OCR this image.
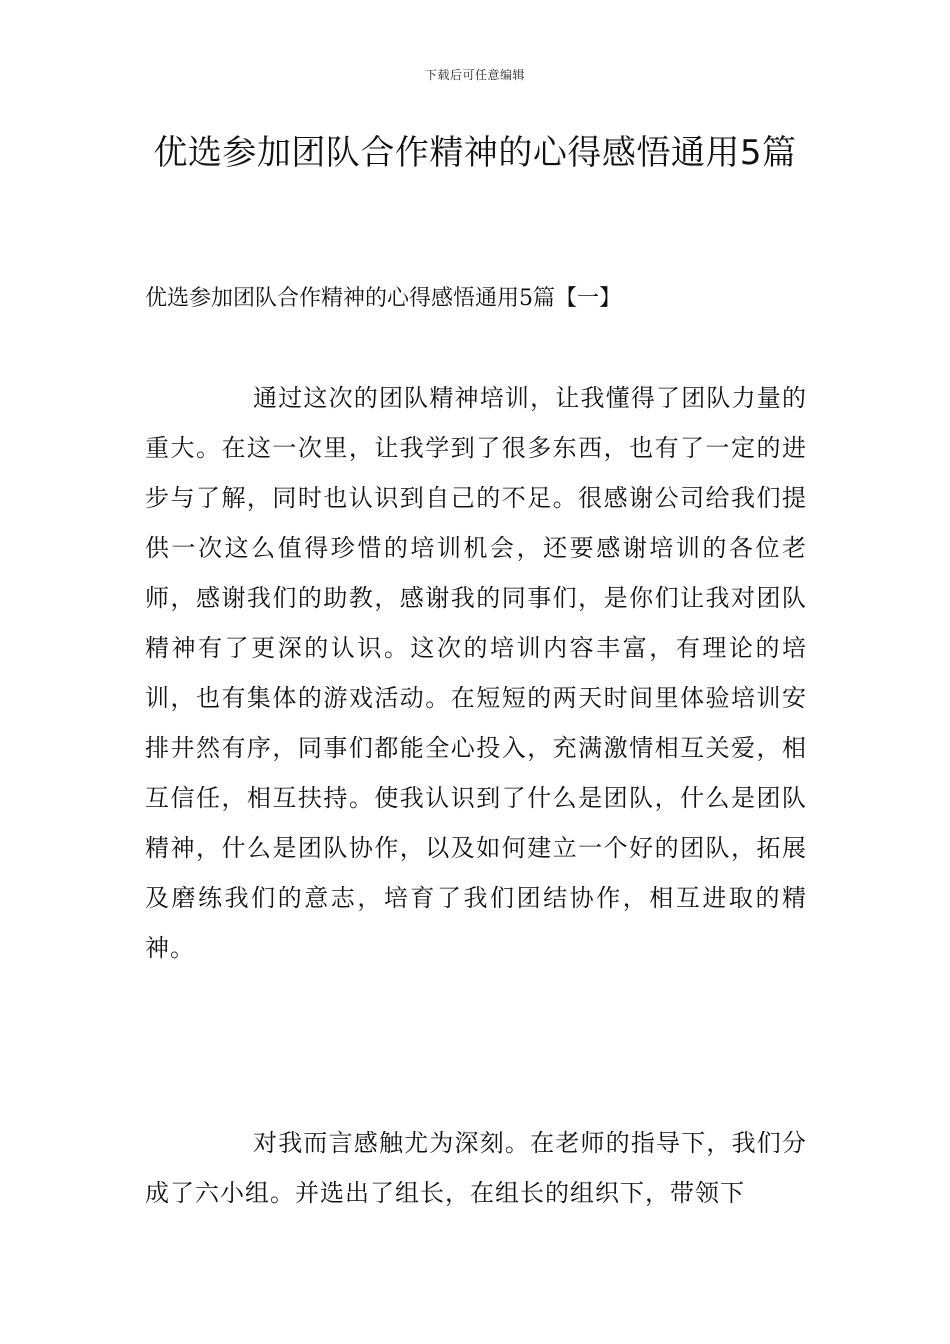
下载后可任意编辑
优选参加团队合作精神的心得感悟通用5篇
优选参加团队合作精神的心得感悟通用5篇【一】

通过这次的团队精神培训，让我懂得了团队力量的重大。在这一次里，让我学到了很多东西，也有了一定的进步与了解，同时也认识到自己的不足。很感谢公司给我们提供一次这么值得珍惜的培训机会，还要感谢培训的各位老师，感谢我们的助教，感谢我的同事们，是你们让我对团队精神有了更深的认识。这次的培训内容丰富，有理论的培训，也有集体的游戏活动。在短短的两天时间里体验培训安排井然有序，同事们都能全心投入，充满激情相互关爱，相互信任，相互扶持。使我认识到了什么是团队，什么是团队精神，什么是团队协作，以及如何建立一个好的团队，拓展及磨练我们的意志，培育了我们团结协作，相互进取的精神。

对我而言感触尤为深刻。在老师的指导下，我们分成了六小组。并选出了组长，在组长的组织下，带领下
